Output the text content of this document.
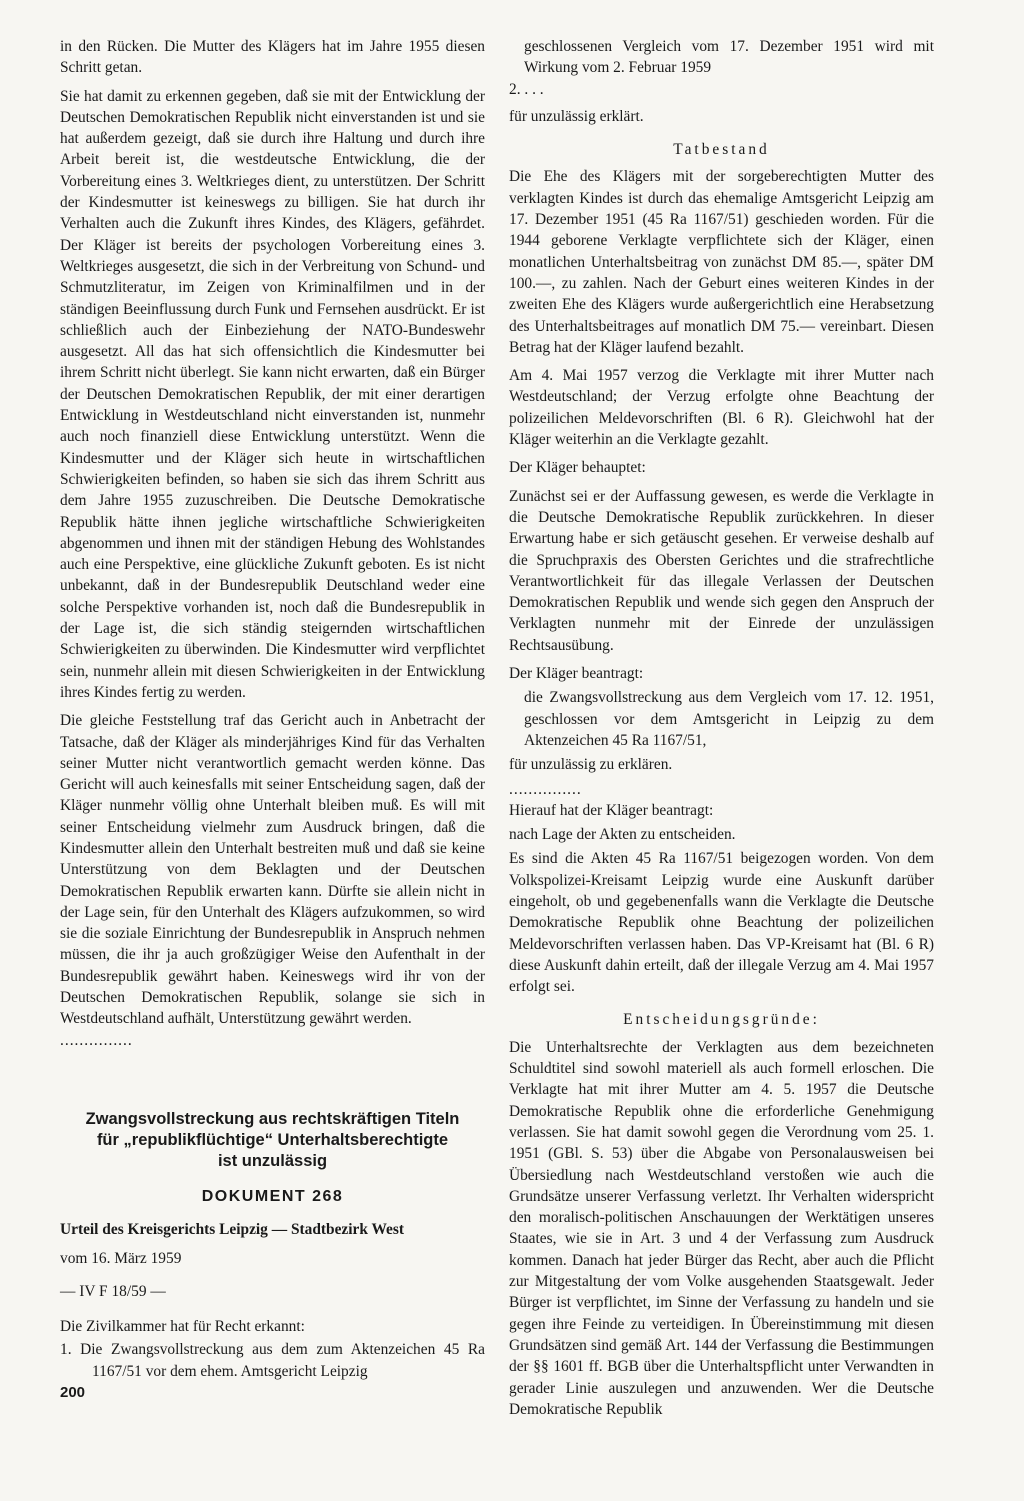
in den Rücken. Die Mutter des Klägers hat im Jahre 1955 diesen Schritt getan.

Sie hat damit zu erkennen gegeben, daß sie mit der Entwicklung der Deutschen Demokratischen Republik nicht einverstanden ist und sie hat außerdem gezeigt, daß sie durch ihre Haltung und durch ihre Arbeit bereit ist, die westdeutsche Entwicklung, die der Vorbereitung eines 3. Weltkrieges dient, zu unterstützen. Der Schritt der Kindesmutter ist keineswegs zu billigen. Sie hat durch ihr Verhalten auch die Zukunft ihres Kindes, des Klägers, gefährdet. Der Kläger ist bereits der psychologen Vorbereitung eines 3. Weltkrieges ausgesetzt, die sich in der Verbreitung von Schund- und Schmutzliteratur, im Zeigen von Kriminalfilmen und in der ständigen Beeinflussung durch Funk und Fernsehen ausdrückt. Er ist schließlich auch der Einbeziehung der NATO-Bundeswehr ausgesetzt. All das hat sich offensichtlich die Kindesmutter bei ihrem Schritt nicht überlegt. Sie kann nicht erwarten, daß ein Bürger der Deutschen Demokratischen Republik, der mit einer derartigen Entwicklung in Westdeutschland nicht einverstanden ist, nunmehr auch noch finanziell diese Entwicklung unterstützt. Wenn die Kindesmutter und der Kläger sich heute in wirtschaftlichen Schwierigkeiten befinden, so haben sie sich das ihrem Schritt aus dem Jahre 1955 zuzuschreiben. Die Deutsche Demokratische Republik hätte ihnen jegliche wirtschaftliche Schwierigkeiten abgenommen und ihnen mit der ständigen Hebung des Wohlstandes auch eine Perspektive, eine glückliche Zukunft geboten. Es ist nicht unbekannt, daß in der Bundesrepublik Deutschland weder eine solche Perspektive vorhanden ist, noch daß die Bundesrepublik in der Lage ist, die sich ständig steigernden wirtschaftlichen Schwierigkeiten zu überwinden. Die Kindesmutter wird verpflichtet sein, nunmehr allein mit diesen Schwierigkeiten in der Entwicklung ihres Kindes fertig zu werden.

Die gleiche Feststellung traf das Gericht auch in Anbetracht der Tatsache, daß der Kläger als minderjähriges Kind für das Verhalten seiner Mutter nicht verantwortlich gemacht werden könne. Das Gericht will auch keinesfalls mit seiner Entscheidung sagen, daß der Kläger nunmehr völlig ohne Unterhalt bleiben muß. Es will mit seiner Entscheidung vielmehr zum Ausdruck bringen, daß die Kindesmutter allein den Unterhalt bestreiten muß und daß sie keine Unterstützung von dem Beklagten und der Deutschen Demokratischen Republik erwarten kann. Dürfte sie allein nicht in der Lage sein, für den Unterhalt des Klägers aufzukommen, so wird sie die soziale Einrichtung der Bundesrepublik in Anspruch nehmen müssen, die ihr ja auch großzügiger Weise den Aufenthalt in der Bundesrepublik gewährt haben. Keineswegs wird ihr von der Deutschen Demokratischen Republik, solange sie sich in Westdeutschland aufhält, Unterstützung gewährt werden.

...............
Zwangsvollstreckung aus rechtskräftigen Titeln
für „republikflüchtige“ Unterhaltsberechtigte
ist unzulässig
DOKUMENT 268

Urteil des Kreisgerichts Leipzig — Stadtbezirk West

vom 16. März 1959

— IV F 18/59 —

Die Zivilkammer hat für Recht erkannt:

1. Die Zwangsvollstreckung aus dem zum Aktenzeichen 45 Ra 1167/51 vor dem ehem. Amtsgericht Leipzig

geschlossenen Vergleich vom 17. Dezember 1951 wird mit Wirkung vom 2. Februar 1959

2. . . .

für unzulässig erklärt.

Tatbestand

Die Ehe des Klägers mit der sorgeberechtigten Mutter des verklagten Kindes ist durch das ehemalige Amtsgericht Leipzig am 17. Dezember 1951 (45 Ra 1167/51) geschieden worden. Für die 1944 geborene Verklagte verpflichtete sich der Kläger, einen monatlichen Unterhaltsbeitrag von zunächst DM 85.—, später DM 100.—, zu zahlen. Nach der Geburt eines weiteren Kindes in der zweiten Ehe des Klägers wurde außergerichtlich eine Herabsetzung des Unterhaltsbeitrages auf monatlich DM 75.— vereinbart. Diesen Betrag hat der Kläger laufend bezahlt.

Am 4. Mai 1957 verzog die Verklagte mit ihrer Mutter nach Westdeutschland; der Verzug erfolgte ohne Beachtung der polizeilichen Meldevorschriften (Bl. 6 R). Gleichwohl hat der Kläger weiterhin an die Verklagte gezahlt.

Der Kläger behauptet:

Zunächst sei er der Auffassung gewesen, es werde die Verklagte in die Deutsche Demokratische Republik zurückkehren. In dieser Erwartung habe er sich getäuscht gesehen. Er verweise deshalb auf die Spruchpraxis des Obersten Gerichtes und die strafrechtliche Verantwortlichkeit für das illegale Verlassen der Deutschen Demokratischen Republik und wende sich gegen den Anspruch der Verklagten nunmehr mit der Einrede der unzulässigen Rechtsausübung.

Der Kläger beantragt:

die Zwangsvollstreckung aus dem Vergleich vom 17. 12. 1951, geschlossen vor dem Amtsgericht in Leipzig zu dem Aktenzeichen 45 Ra 1167/51,

für unzulässig zu erklären.

...............

Hierauf hat der Kläger beantragt:

nach Lage der Akten zu entscheiden.

Es sind die Akten 45 Ra 1167/51 beigezogen worden. Von dem Volkspolizei-Kreisamt Leipzig wurde eine Auskunft darüber eingeholt, ob und gegebenenfalls wann die Verklagte die Deutsche Demokratische Republik ohne Beachtung der polizeilichen Meldevorschriften verlassen haben. Das VP-Kreisamt hat (Bl. 6 R) diese Auskunft dahin erteilt, daß der illegale Verzug am 4. Mai 1957 erfolgt sei.

Entscheidungsgründe:

Die Unterhaltsrechte der Verklagten aus dem bezeichneten Schuldtitel sind sowohl materiell als auch formell erloschen. Die Verklagte hat mit ihrer Mutter am 4. 5. 1957 die Deutsche Demokratische Republik ohne die erforderliche Genehmigung verlassen. Sie hat damit sowohl gegen die Verordnung vom 25. 1. 1951 (GBl. S. 53) über die Abgabe von Personalausweisen bei Übersiedlung nach Westdeutschland verstoßen wie auch die Grundsätze unserer Verfassung verletzt. Ihr Verhalten widerspricht den moralisch-politischen Anschauungen der Werktätigen unseres Staates, wie sie in Art. 3 und 4 der Verfassung zum Ausdruck kommen. Danach hat jeder Bürger das Recht, aber auch die Pflicht zur Mitgestaltung der vom Volke ausgehenden Staatsgewalt. Jeder Bürger ist verpflichtet, im Sinne der Verfassung zu handeln und sie gegen ihre Feinde zu verteidigen. In Übereinstimmung mit diesen Grundsätzen sind gemäß Art. 144 der Verfassung die Bestimmungen der §§ 1601 ff. BGB über die Unterhaltspflicht unter Verwandten in gerader Linie auszulegen und anzuwenden. Wer die Deutsche Demokratische Republik

200
